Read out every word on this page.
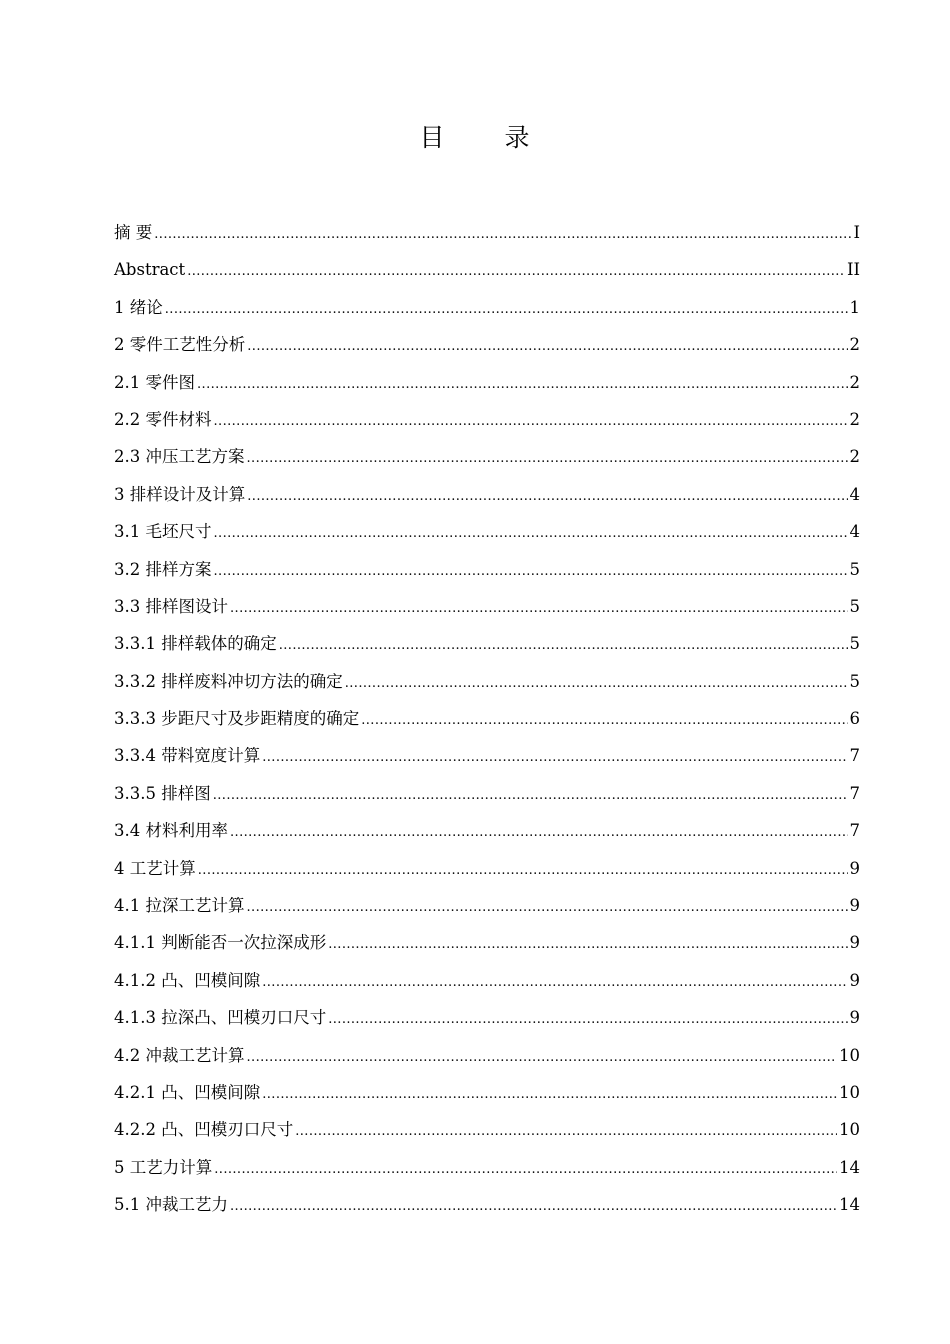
目 录
摘 要 .....	I
Abstract .....	II
1 绪论 .....	1
2 零件工艺性分析 .....	2
2.1 零件图 .....	2
2.2 零件材料 .....	2
2.3 冲压工艺方案 .....	2
3 排样设计及计算 .....	4
3.1 毛坯尺寸 .....	4
3.2 排样方案 .....	5
3.3 排样图设计 .....	5
3.3.1 排样载体的确定 .....	5
3.3.2 排样废料冲切方法的确定 .....	5
3.3.3 步距尺寸及步距精度的确定 .....	6
3.3.4 带料宽度计算 .....	7
3.3.5 排样图 .....	7
3.4 材料利用率 .....	7
4 工艺计算 .....	9
4.1 拉深工艺计算 .....	9
4.1.1 判断能否一次拉深成形 .....	9
4.1.2 凸、凹模间隙 .....	9
4.1.3 拉深凸、凹模刃口尺寸 .....	9
4.2 冲裁工艺计算 .....	10
4.2.1 凸、凹模间隙 .....	10
4.2.2 凸、凹模刃口尺寸 .....	10
5 工艺力计算 .....	14
5.1 冲裁工艺力 .....	14
